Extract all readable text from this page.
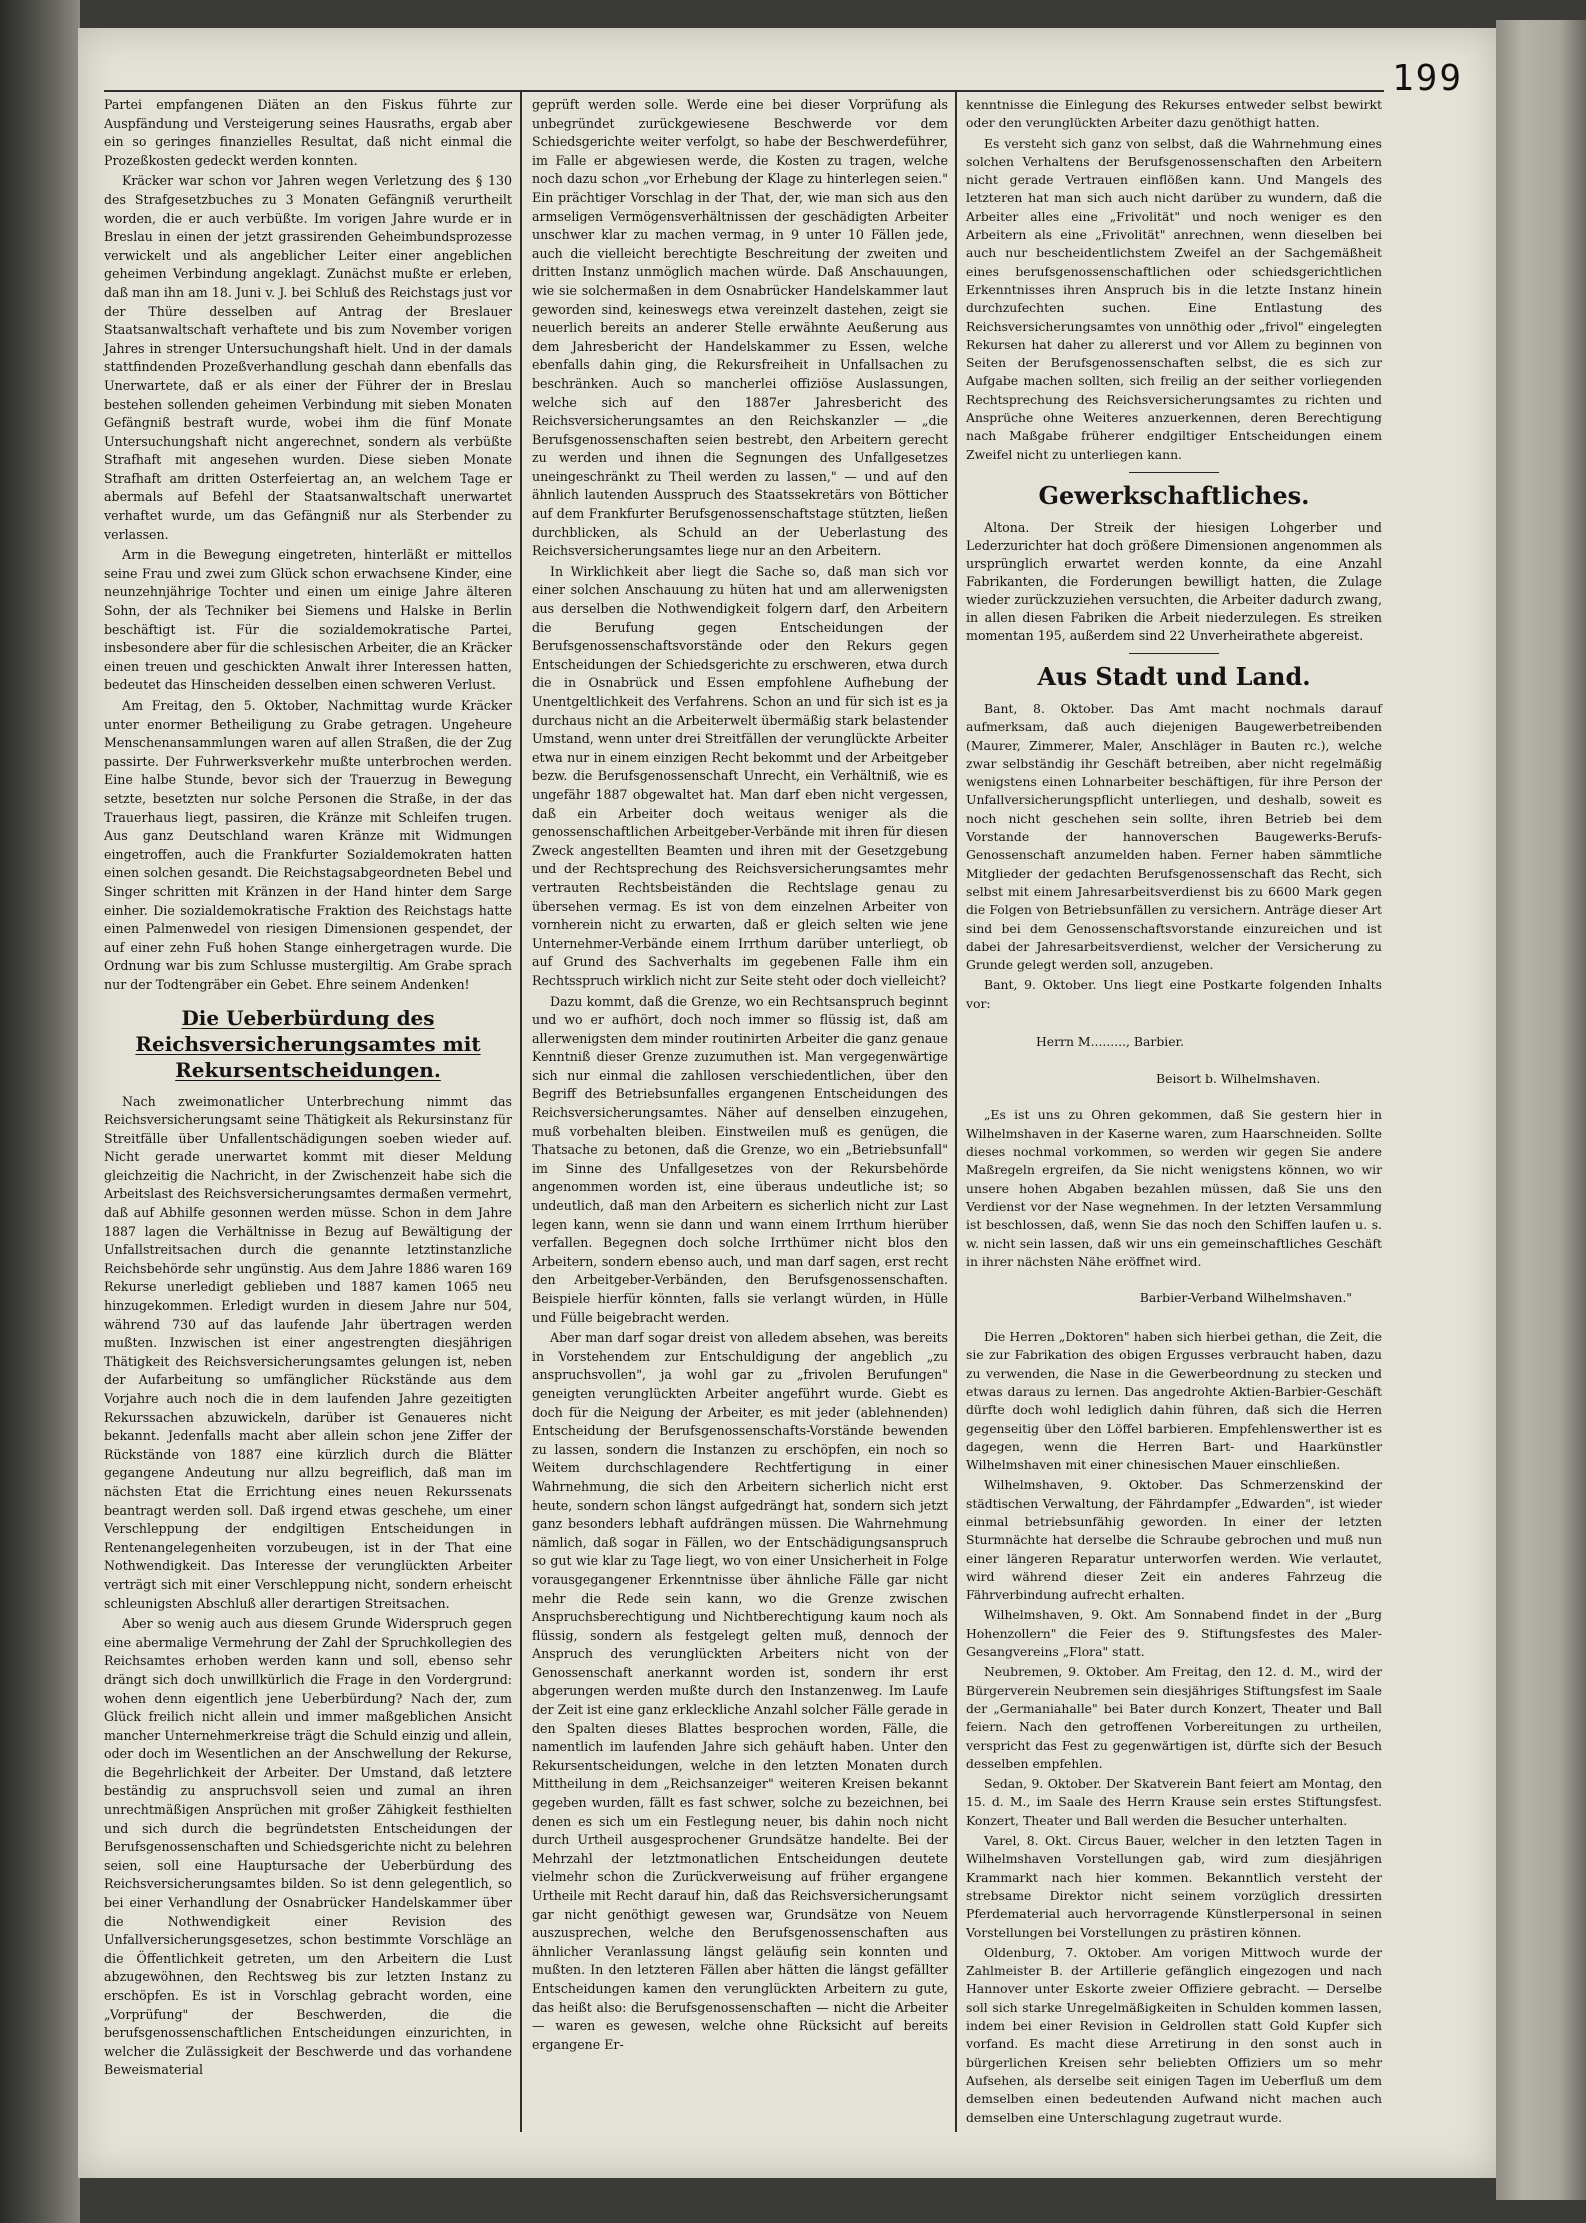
199

Partei empfangenen Diäten an den Fiskus führte zur Auspfändung und Versteigerung seines Hausraths, ergab aber ein so geringes finanzielles Resultat, daß nicht einmal die Prozeßkosten gedeckt werden konnten.

Kräcker war schon vor Jahren wegen Verletzung des § 130 des Strafgesetzbuches zu 3 Monaten Gefängniß verurtheilt worden, die er auch verbüßte. Im vorigen Jahre wurde er in Breslau in einen der jetzt grassirenden Geheimbundsprozesse verwickelt und als angeblicher Leiter einer angeblichen geheimen Verbindung angeklagt. Zunächst mußte er erleben, daß man ihn am 18. Juni v. J. bei Schluß des Reichstags just vor der Thüre desselben auf Antrag der Breslauer Staatsanwaltschaft verhaftete und bis zum November vorigen Jahres in strenger Untersuchungshaft hielt. Und in der damals stattfindenden Prozeßverhandlung geschah dann ebenfalls das Unerwartete, daß er als einer der Führer der in Breslau bestehen sollenden geheimen Verbindung mit sieben Monaten Gefängniß bestraft wurde, wobei ihm die fünf Monate Untersuchungshaft nicht angerechnet, sondern als verbüßte Strafhaft mit angesehen wurden. Diese sieben Monate Strafhaft am dritten Osterfeiertag an, an welchem Tage er abermals auf Befehl der Staatsanwaltschaft unerwartet verhaftet wurde, um das Gefängniß nur als Sterbender zu verlassen.

Arm in die Bewegung eingetreten, hinterläßt er mittellos seine Frau und zwei zum Glück schon erwachsene Kinder, eine neunzehnjährige Tochter und einen um einige Jahre älteren Sohn, der als Techniker bei Siemens und Halske in Berlin beschäftigt ist. Für die sozialdemokratische Partei, insbesondere aber für die schlesischen Arbeiter, die an Kräcker einen treuen und geschickten Anwalt ihrer Interessen hatten, bedeutet das Hinscheiden desselben einen schweren Verlust.

Am Freitag, den 5. Oktober, Nachmittag wurde Kräcker unter enormer Betheiligung zu Grabe getragen. Ungeheure Menschenansammlungen waren auf allen Straßen, die der Zug passirte. Der Fuhrwerksverkehr mußte unterbrochen werden. Eine halbe Stunde, bevor sich der Trauerzug in Bewegung setzte, besetzten nur solche Personen die Straße, in der das Trauerhaus liegt, passiren, die Kränze mit Schleifen trugen. Aus ganz Deutschland waren Kränze mit Widmungen eingetroffen, auch die Frankfurter Sozialdemokraten hatten einen solchen gesandt. Die Reichstagsabgeordneten Bebel und Singer schritten mit Kränzen in der Hand hinter dem Sarge einher. Die sozialdemokratische Fraktion des Reichstags hatte einen Palmenwedel von riesigen Dimensionen gespendet, der auf einer zehn Fuß hohen Stange einhergetragen wurde. Die Ordnung war bis zum Schlusse mustergiltig. Am Grabe sprach nur der Todtengräber ein Gebet. Ehre seinem Andenken!

Die Ueberbürdung des Reichsversicherungsamtes mit Rekursentscheidungen.

Nach zweimonatlicher Unterbrechung nimmt das Reichsversicherungsamt seine Thätigkeit als Rekursinstanz für Streitfälle über Unfallentschädigungen soeben wieder auf. Nicht gerade unerwartet kommt mit dieser Meldung gleichzeitig die Nachricht, in der Zwischenzeit habe sich die Arbeitslast des Reichsversicherungsamtes dermaßen vermehrt, daß auf Abhilfe gesonnen werden müsse. Schon in dem Jahre 1887 lagen die Verhältnisse in Bezug auf Bewältigung der Unfallstreitsachen durch die genannte letztinstanzliche Reichsbehörde sehr ungünstig. Aus dem Jahre 1886 waren 169 Rekurse unerledigt geblieben und 1887 kamen 1065 neu hinzugekommen. Erledigt wurden in diesem Jahre nur 504, während 730 auf das laufende Jahr übertragen werden mußten. Inzwischen ist einer angestrengten diesjährigen Thätigkeit des Reichsversicherungsamtes gelungen ist, neben der Aufarbeitung so umfänglicher Rückstände aus dem Vorjahre auch noch die in dem laufenden Jahre gezeitigten Rekurssachen abzuwickeln, darüber ist Genaueres nicht bekannt. Jedenfalls macht aber allein schon jene Ziffer der Rückstände von 1887 eine kürzlich durch die Blätter gegangene Andeutung nur allzu begreiflich, daß man im nächsten Etat die Errichtung eines neuen Rekurssenats beantragt werden soll. Daß irgend etwas geschehe, um einer Verschleppung der endgiltigen Entscheidungen in Rentenangelegenheiten vorzubeugen, ist in der That eine Nothwendigkeit. Das Interesse der verunglückten Arbeiter verträgt sich mit einer Verschleppung nicht, sondern erheischt schleunigsten Abschluß aller derartigen Streitsachen.

Aber so wenig auch aus diesem Grunde Widerspruch gegen eine abermalige Vermehrung der Zahl der Spruchkollegien des Reichsamtes erhoben werden kann und soll, ebenso sehr drängt sich doch unwillkürlich die Frage in den Vordergrund: wohen denn eigentlich jene Ueberbürdung? Nach der, zum Glück freilich nicht allein und immer maßgeblichen Ansicht mancher Unternehmerkreise trägt die Schuld einzig und allein, oder doch im Wesentlichen an der Anschwellung der Rekurse, die Begehrlichkeit der Arbeiter. Der Umstand, daß letztere beständig zu anspruchsvoll seien und zumal an ihren unrechtmäßigen Ansprüchen mit großer Zähigkeit festhielten und sich durch die begründetsten Entscheidungen der Berufsgenossenschaften und Schiedsgerichte nicht zu belehren seien, soll eine Hauptursache der Ueberbürdung des Reichsversicherungsamtes bilden. So ist denn gelegentlich, so bei einer Verhandlung der Osnabrücker Handelskammer über die Nothwendigkeit einer Revision des Unfallversicherungsgesetzes, schon bestimmte Vorschläge an die Öffentlichkeit getreten, um den Arbeitern die Lust abzugewöhnen, den Rechtsweg bis zur letzten Instanz zu erschöpfen. Es ist in Vorschlag gebracht worden, eine „Vorprüfung" der Beschwerden, die die berufsgenossenschaftlichen Entscheidungen einzurichten, in welcher die Zulässigkeit der Beschwerde und das vorhandene Beweismaterial

geprüft werden solle. Werde eine bei dieser Vorprüfung als unbegründet zurückgewiesene Beschwerde vor dem Schiedsgerichte weiter verfolgt, so habe der Beschwerdeführer, im Falle er abgewiesen werde, die Kosten zu tragen, welche noch dazu schon „vor Erhebung der Klage zu hinterlegen seien." Ein prächtiger Vorschlag in der That, der, wie man sich aus den armseligen Vermögensverhältnissen der geschädigten Arbeiter unschwer klar zu machen vermag, in 9 unter 10 Fällen jede, auch die vielleicht berechtigte Beschreitung der zweiten und dritten Instanz unmöglich machen würde. Daß Anschauungen, wie sie solchermaßen in dem Osnabrücker Handelskammer laut geworden sind, keineswegs etwa vereinzelt dastehen, zeigt sie neuerlich bereits an anderer Stelle erwähnte Aeußerung aus dem Jahresbericht der Handelskammer zu Essen, welche ebenfalls dahin ging, die Rekursfreiheit in Unfallsachen zu beschränken. Auch so mancherlei offiziöse Auslassungen, welche sich auf den 1887er Jahresbericht des Reichsversicherungsamtes an den Reichskanzler — „die Berufsgenossenschaften seien bestrebt, den Arbeitern gerecht zu werden und ihnen die Segnungen des Unfallgesetzes uneingeschränkt zu Theil werden zu lassen," — und auf den ähnlich lautenden Ausspruch des Staatssekretärs von Bötticher auf dem Frankfurter Berufsgenossenschaftstage stützten, ließen durchblicken, als Schuld an der Ueberlastung des Reichsversicherungsamtes liege nur an den Arbeitern.

In Wirklichkeit aber liegt die Sache so, daß man sich vor einer solchen Anschauung zu hüten hat und am allerwenigsten aus derselben die Nothwendigkeit folgern darf, den Arbeitern die Berufung gegen Entscheidungen der Berufsgenossenschaftsvorstände oder den Rekurs gegen Entscheidungen der Schiedsgerichte zu erschweren, etwa durch die in Osnabrück und Essen empfohlene Aufhebung der Unentgeltlichkeit des Verfahrens. Schon an und für sich ist es ja durchaus nicht an die Arbeiterwelt übermäßig stark belastender Umstand, wenn unter drei Streitfällen der verunglückte Arbeiter etwa nur in einem einzigen Recht bekommt und der Arbeitgeber bezw. die Berufsgenossenschaft Unrecht, ein Verhältniß, wie es ungefähr 1887 obgewaltet hat. Man darf eben nicht vergessen, daß ein Arbeiter doch weitaus weniger als die genossenschaftlichen Arbeitgeber-Verbände mit ihren für diesen Zweck angestellten Beamten und ihren mit der Gesetzgebung und der Rechtsprechung des Reichsversicherungsamtes mehr vertrauten Rechtsbeiständen die Rechtslage genau zu übersehen vermag. Es ist von dem einzelnen Arbeiter von vornherein nicht zu erwarten, daß er gleich selten wie jene Unternehmer-Verbände einem Irrthum darüber unterliegt, ob auf Grund des Sachverhalts im gegebenen Falle ihm ein Rechtsspruch wirklich nicht zur Seite steht oder doch vielleicht?

Dazu kommt, daß die Grenze, wo ein Rechtsanspruch beginnt und wo er aufhört, doch noch immer so flüssig ist, daß am allerwenigsten dem minder routinirten Arbeiter die ganz genaue Kenntniß dieser Grenze zuzumuthen ist. Man vergegenwärtige sich nur einmal die zahllosen verschiedentlichen, über den Begriff des Betriebsunfalles ergangenen Entscheidungen des Reichsversicherungsamtes. Näher auf denselben einzugehen, muß vorbehalten bleiben. Einstweilen muß es genügen, die Thatsache zu betonen, daß die Grenze, wo ein „Betriebsunfall" im Sinne des Unfallgesetzes von der Rekursbehörde angenommen worden ist, eine überaus undeutliche ist; so undeutlich, daß man den Arbeitern es sicherlich nicht zur Last legen kann, wenn sie dann und wann einem Irrthum hierüber verfallen. Begegnen doch solche Irrthümer nicht blos den Arbeitern, sondern ebenso auch, und man darf sagen, erst recht den Arbeitgeber-Verbänden, den Berufsgenossenschaften. Beispiele hierfür könnten, falls sie verlangt würden, in Hülle und Fülle beigebracht werden.

Aber man darf sogar dreist von alledem absehen, was bereits in Vorstehendem zur Entschuldigung der angeblich „zu anspruchsvollen", ja wohl gar zu „frivolen Berufungen" geneigten verunglückten Arbeiter angeführt wurde. Giebt es doch für die Neigung der Arbeiter, es mit jeder (ablehnenden) Entscheidung der Berufsgenossenschafts-Vorstände bewenden zu lassen, sondern die Instanzen zu erschöpfen, ein noch so Weitem durchschlagendere Rechtfertigung in einer Wahrnehmung, die sich den Arbeitern sicherlich nicht erst heute, sondern schon längst aufgedrängt hat, sondern sich jetzt ganz besonders lebhaft aufdrängen müssen. Die Wahrnehmung nämlich, daß sogar in Fällen, wo der Entschädigungsanspruch so gut wie klar zu Tage liegt, wo von einer Unsicherheit in Folge vorausgegangener Erkenntnisse über ähnliche Fälle gar nicht mehr die Rede sein kann, wo die Grenze zwischen Anspruchsberechtigung und Nichtberechtigung kaum noch als flüssig, sondern als festgelegt gelten muß, dennoch der Anspruch des verunglückten Arbeiters nicht von der Genossenschaft anerkannt worden ist, sondern ihr erst abgerungen werden mußte durch den Instanzenweg. Im Laufe der Zeit ist eine ganz erkleckliche Anzahl solcher Fälle gerade in den Spalten dieses Blattes besprochen worden, Fälle, die namentlich im laufenden Jahre sich gehäuft haben. Unter den Rekursentscheidungen, welche in den letzten Monaten durch Mittheilung in dem „Reichsanzeiger" weiteren Kreisen bekannt gegeben wurden, fällt es fast schwer, solche zu bezeichnen, bei denen es sich um ein Festlegung neuer, bis dahin noch nicht durch Urtheil ausgesprochener Grundsätze handelte. Bei der Mehrzahl der letztmonatlichen Entscheidungen deutete vielmehr schon die Zurückverweisung auf früher ergangene Urtheile mit Recht darauf hin, daß das Reichsversicherungsamt gar nicht genöthigt gewesen war, Grundsätze von Neuem auszusprechen, welche den Berufsgenossenschaften aus ähnlicher Veranlassung längst geläufig sein konnten und mußten. In den letzteren Fällen aber hätten die längst gefällter Entscheidungen kamen den verunglückten Arbeitern zu gute, das heißt also: die Berufsgenossenschaften — nicht die Arbeiter — waren es gewesen, welche ohne Rücksicht auf bereits ergangene Er-

kenntnisse die Einlegung des Rekurses entweder selbst bewirkt oder den verunglückten Arbeiter dazu genöthigt hatten.

Es versteht sich ganz von selbst, daß die Wahrnehmung eines solchen Verhaltens der Berufsgenossenschaften den Arbeitern nicht gerade Vertrauen einflößen kann. Und Mangels des letzteren hat man sich auch nicht darüber zu wundern, daß die Arbeiter alles eine „Frivolität" und noch weniger es den Arbeitern als eine „Frivolität" anrechnen, wenn dieselben bei auch nur bescheidentlichstem Zweifel an der Sachgemäßheit eines berufsgenossenschaftlichen oder schiedsgerichtlichen Erkenntnisses ihren Anspruch bis in die letzte Instanz hinein durchzufechten suchen. Eine Entlastung des Reichsversicherungsamtes von unnöthig oder „frivol" eingelegten Rekursen hat daher zu allererst und vor Allem zu beginnen von Seiten der Berufsgenossenschaften selbst, die es sich zur Aufgabe machen sollten, sich freilig an der seither vorliegenden Rechtsprechung des Reichsversicherungsamtes zu richten und Ansprüche ohne Weiteres anzuerkennen, deren Berechtigung nach Maßgabe früherer endgiltiger Entscheidungen einem Zweifel nicht zu unterliegen kann.

Gewerkschaftliches.

Altona. Der Streik der hiesigen Lohgerber und Lederzurichter hat doch größere Dimensionen angenommen als ursprünglich erwartet werden konnte, da eine Anzahl Fabrikanten, die Forderungen bewilligt hatten, die Zulage wieder zurückzuziehen versuchten, die Arbeiter dadurch zwang, in allen diesen Fabriken die Arbeit niederzulegen. Es streiken momentan 195, außerdem sind 22 Unverheirathete abgereist.

Aus Stadt und Land.

Bant, 8. Oktober. Das Amt macht nochmals darauf aufmerksam, daß auch diejenigen Baugewerbetreibenden (Maurer, Zimmerer, Maler, Anschläger in Bauten rc.), welche zwar selbständig ihr Geschäft betreiben, aber nicht regelmäßig wenigstens einen Lohnarbeiter beschäftigen, für ihre Person der Unfallversicherungspflicht unterliegen, und deshalb, soweit es noch nicht geschehen sein sollte, ihren Betrieb bei dem Vorstande der hannoverschen Baugewerks-Berufs-Genossenschaft anzumelden haben. Ferner haben sämmtliche Mitglieder der gedachten Berufsgenossenschaft das Recht, sich selbst mit einem Jahresarbeitsverdienst bis zu 6600 Mark gegen die Folgen von Betriebsunfällen zu versichern. Anträge dieser Art sind bei dem Genossenschaftsvorstande einzureichen und ist dabei der Jahresarbeitsverdienst, welcher der Versicherung zu Grunde gelegt werden soll, anzugeben.

Bant, 9. Oktober. Uns liegt eine Postkarte folgenden Inhalts vor:

Herrn M........., Barbier.

Beisort b. Wilhelmshaven.

„Es ist uns zu Ohren gekommen, daß Sie gestern hier in Wilhelmshaven in der Kaserne waren, zum Haarschneiden. Sollte dieses nochmal vorkommen, so werden wir gegen Sie andere Maßregeln ergreifen, da Sie nicht wenigstens können, wo wir unsere hohen Abgaben bezahlen müssen, daß Sie uns den Verdienst vor der Nase wegnehmen. In der letzten Versammlung ist beschlossen, daß, wenn Sie das noch den Schiffen laufen u. s. w. nicht sein lassen, daß wir uns ein gemeinschaftliches Geschäft in ihrer nächsten Nähe eröffnet wird.

Barbier-Verband Wilhelmshaven."

Die Herren „Doktoren" haben sich hierbei gethan, die Zeit, die sie zur Fabrikation des obigen Ergusses verbraucht haben, dazu zu verwenden, die Nase in die Gewerbeordnung zu stecken und etwas daraus zu lernen. Das angedrohte Aktien-Barbier-Geschäft dürfte doch wohl lediglich dahin führen, daß sich die Herren gegenseitig über den Löffel barbieren. Empfehlenswerther ist es dagegen, wenn die Herren Bart- und Haarkünstler Wilhelmshaven mit einer chinesischen Mauer einschließen.

Wilhelmshaven, 9. Oktober. Das Schmerzenskind der städtischen Verwaltung, der Fährdampfer „Edwarden", ist wieder einmal betriebsunfähig geworden. In einer der letzten Sturmnächte hat derselbe die Schraube gebrochen und muß nun einer längeren Reparatur unterworfen werden. Wie verlautet, wird während dieser Zeit ein anderes Fahrzeug die Fährverbindung aufrecht erhalten.

Wilhelmshaven, 9. Okt. Am Sonnabend findet in der „Burg Hohenzollern" die Feier des 9. Stiftungsfestes des Maler-Gesangvereins „Flora" statt.

Neubremen, 9. Oktober. Am Freitag, den 12. d. M., wird der Bürgerverein Neubremen sein diesjähriges Stiftungsfest im Saale der „Germaniahalle" bei Bater durch Konzert, Theater und Ball feiern. Nach den getroffenen Vorbereitungen zu urtheilen, verspricht das Fest zu gegenwärtigen ist, dürfte sich der Besuch desselben empfehlen.

Sedan, 9. Oktober. Der Skatverein Bant feiert am Montag, den 15. d. M., im Saale des Herrn Krause sein erstes Stiftungsfest. Konzert, Theater und Ball werden die Besucher unterhalten.

Varel, 8. Okt. Circus Bauer, welcher in den letzten Tagen in Wilhelmshaven Vorstellungen gab, wird zum diesjährigen Krammarkt nach hier kommen. Bekanntlich versteht der strebsame Direktor nicht seinem vorzüglich dressirten Pferdematerial auch hervorragende Künstlerpersonal in seinen Vorstellungen bei Vorstellungen zu prästiren können.

Oldenburg, 7. Oktober. Am vorigen Mittwoch wurde der Zahlmeister B. der Artillerie gefänglich eingezogen und nach Hannover unter Eskorte zweier Offiziere gebracht. — Derselbe soll sich starke Unregelmäßigkeiten in Schulden kommen lassen, indem bei einer Revision in Geldrollen statt Gold Kupfer sich vorfand. Es macht diese Arretirung in den sonst auch in bürgerlichen Kreisen sehr beliebten Offiziers um so mehr Aufsehen, als derselbe seit einigen Tagen im Ueberfluß um dem demselben einen bedeutenden Aufwand nicht machen auch demselben eine Unterschlagung zugetraut wurde.
